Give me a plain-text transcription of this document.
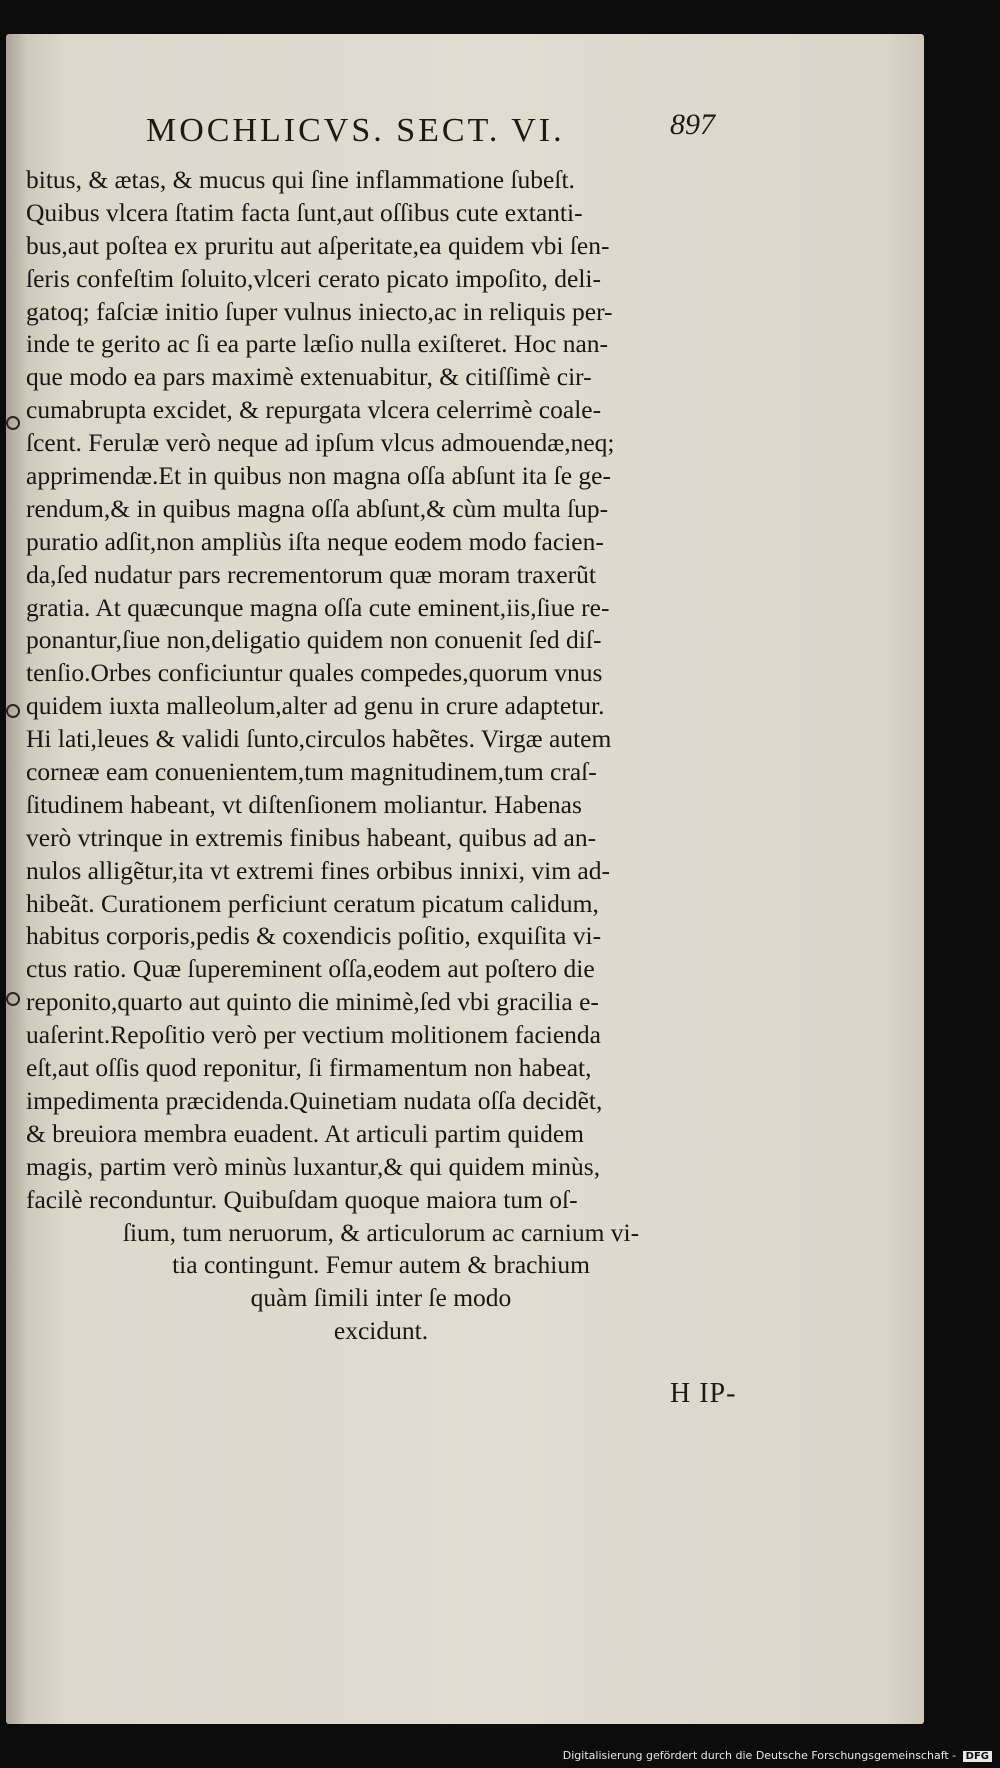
MOCHLICVS. SECT. VI.	897
bitus, & ætas, & mucus qui ſine inflammatione ſubeſt.
Quibus vlcera ſtatim facta ſunt,aut oſſibus cute extanti-
bus,aut poſtea ex pruritu aut aſperitate,ea quidem vbi ſen-
ſeris confeſtim ſoluito,vlceri cerato picato impoſito, deli-
gatoq; faſciæ initio ſuper vulnus iniecto,ac in reliquis per-
inde te gerito ac ſi ea parte læſio nulla exiſteret. Hoc nan-
que modo ea pars maximè extenuabitur, & citiſſimè cir-
cumabrupta excidet, & repurgata vlcera celerrimè coale-
ſcent. Ferulæ verò neque ad ipſum vlcus admouendæ,neq;
apprimendæ.Et in quibus non magna oſſa abſunt ita ſe ge-
rendum,& in quibus magna oſſa abſunt,& cùm multa ſup-
puratio adſit,non ampliùs iſta neque eodem modo facien-
da,ſed nudatur pars recrementorum quæ moram traxerũt
gratia. At quæcunque magna oſſa cute eminent,iis,ſiue re-
ponantur,ſiue non,deligatio quidem non conuenit ſed diſ-
tenſio.Orbes conficiuntur quales compedes,quorum vnus
quidem iuxta malleolum,alter ad genu in crure adaptetur.
Hi lati,leues & validi ſunto,circulos habẽtes. Virgæ autem
corneæ eam conuenientem,tum magnitudinem,tum craſ-
ſitudinem habeant, vt diſtenſionem moliantur. Habenas
verò vtrinque in extremis finibus habeant, quibus ad an-
nulos alligẽtur,ita vt extremi fines orbibus innixi, vim ad-
hibeãt. Curationem perficiunt ceratum picatum calidum,
habitus corporis,pedis & coxendicis poſitio, exquiſita vi-
ctus ratio. Quæ ſupereminent oſſa,eodem aut poſtero die
reponito,quarto aut quinto die minimè,ſed vbi gracilia e-
uaſerint.Repoſitio verò per vectium molitionem facienda
eſt,aut oſſis quod reponitur, ſi firmamentum non habeat,
impedimenta præcidenda.Quinetiam nudata oſſa decidẽt,
& breuiora membra euadent. At articuli partim quidem
magis, partim verò minùs luxantur,& qui quidem minùs,
facilè reconduntur. Quibuſdam quoque maiora tum oſ-
ſium, tum neruorum, & articulorum ac carnium vi-
tia contingunt. Femur autem & brachium
quàm ſimili inter ſe modo
excidunt.
H IP-
Digitalisierung gefördert durch die Deutsche Forschungsgemeinschaft - DFG
